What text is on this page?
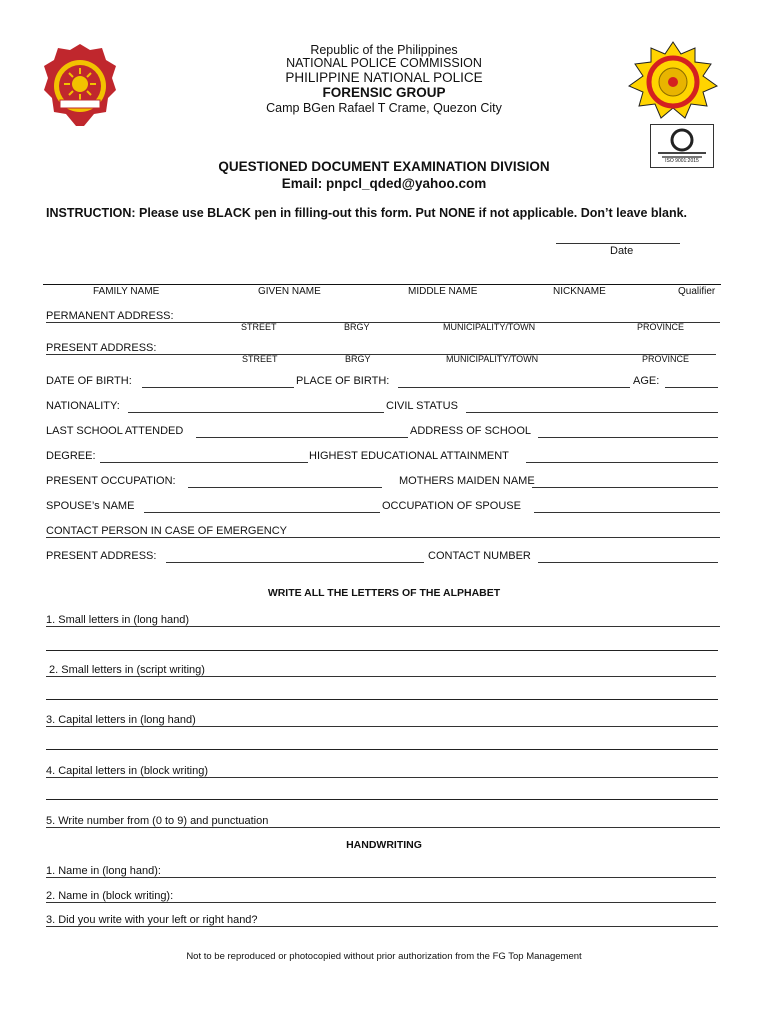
ISO 9001:2015
Republic of the Philippines
NATIONAL POLICE COMMISSION
PHILIPPINE NATIONAL POLICE
FORENSIC GROUP
Camp BGen Rafael T Crame, Quezon City
QUESTIONED DOCUMENT EXAMINATION DIVISION
Email: pnpcl_qded@yahoo.com
INSTRUCTION: Please use BLACK pen in filling-out this form. Put NONE if not applicable. Don’t leave blank.
Date
FAMILY NAME	GIVEN NAME	MIDDLE NAME	NICKNAME	Qualifier
PERMANENT ADDRESS:
STREET	BRGY	MUNICIPALITY/TOWN	PROVINCE
PRESENT ADDRESS:
STREET	BRGY	MUNICIPALITY/TOWN	PROVINCE
DATE OF BIRTH:	PLACE OF BIRTH:	AGE:
NATIONALITY:	CIVIL STATUS
LAST SCHOOL ATTENDED	ADDRESS OF SCHOOL
DEGREE:	HIGHEST EDUCATIONAL ATTAINMENT
PRESENT OCCUPATION:	MOTHERS MAIDEN NAME
SPOUSE’s NAME	OCCUPATION OF SPOUSE
CONTACT PERSON IN CASE OF EMERGENCY
PRESENT ADDRESS:	CONTACT NUMBER
WRITE ALL THE LETTERS OF THE ALPHABET
1. Small letters in (long hand)
2. Small letters in (script writing)
3. Capital letters in (long hand)
4. Capital letters in (block writing)
5. Write number from (0 to 9) and punctuation
HANDWRITING
1. Name in (long hand):
2. Name in (block writing):
3. Did you write with your left or right hand?
Not to be reproduced or photocopied without prior authorization from the FG Top Management
